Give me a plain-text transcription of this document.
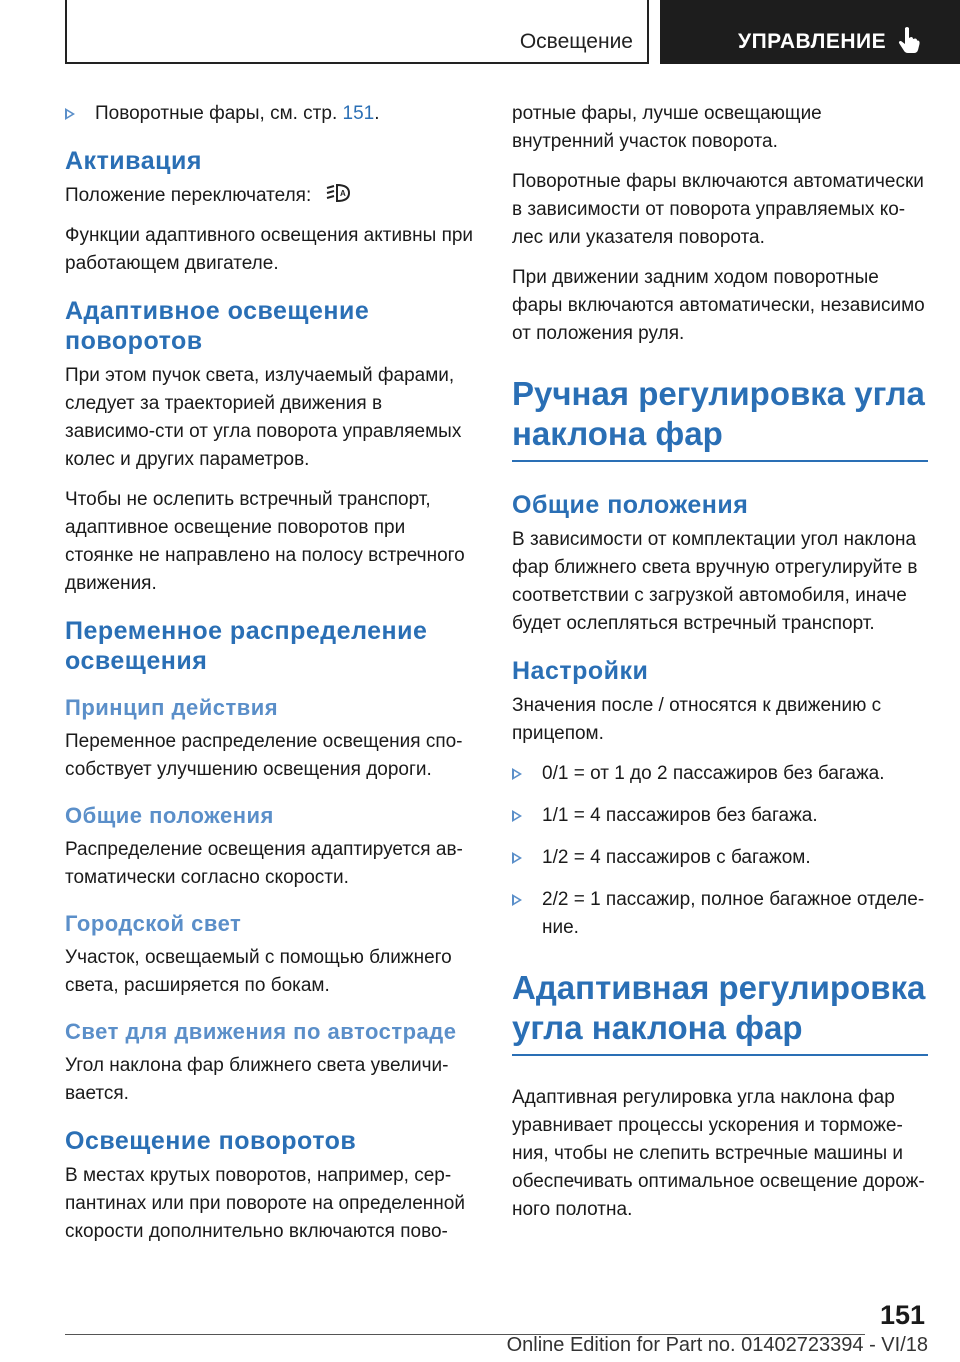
Освещение	УПРАВЛЕНИЕ
Поворотные фары, см. стр. 151.
Активация

Положение переключателя:	A

Функции адаптивного освещения активны при работающем двигателе.

Адаптивное освещение поворотов

При этом пучок света, излучаемый фарами, следует за траекторией движения в зависимо-сти от угла поворота управляемых колес и других параметров.

Чтобы не ослепить встречный транспорт, адаптивное освещение поворотов при стоянке не направлено на полосу встречного движения.

Переменное распределение освещения
Принцип действия

Переменное распределение освещения спо-собствует улучшению освещения дороги.

Общие положения

Распределение освещения адаптируется ав-томатически согласно скорости.

Городской свет

Участок, освещаемый с помощью ближнего света, расширяется по бокам.

Свет для движения по автостраде

Угол наклона фар ближнего света увеличи-вается.

Освещение поворотов

В местах крутых поворотов, например, сер-пантинах или при повороте на определенной скорости дополнительно включаются пово-

ротные фары, лучше освещающие внутренний участок поворота.

Поворотные фары включаются автоматически в зависимости от поворота управляемых ко-лес или указателя поворота.

При движении задним ходом поворотные фары включаются автоматически, независимо от положения руля.

Ручная регулировка угла наклона фар
Общие положения

В зависимости от комплектации угол наклона фар ближнего света вручную отрегулируйте в соответствии с загрузкой автомобиля, иначе будет ослепляться встречный транспорт.

Настройки

Значения после / относятся к движению с прицепом.

0/1 = от 1 до 2 пассажиров без багажа.
1/1 = 4 пассажиров без багажа.
1/2 = 4 пассажиров с багажом.
2/2 = 1 пассажир, полное багажное отделе-ние.
Адаптивная регулировка угла наклона фар

Адаптивная регулировка угла наклона фар уравнивает процессы ускорения и торможе-ния, чтобы не слепить встречные машины и обеспечивать оптимальное освещение дорож-ного полотна.

151
Online Edition for Part no. 01402723394 - VI/18
